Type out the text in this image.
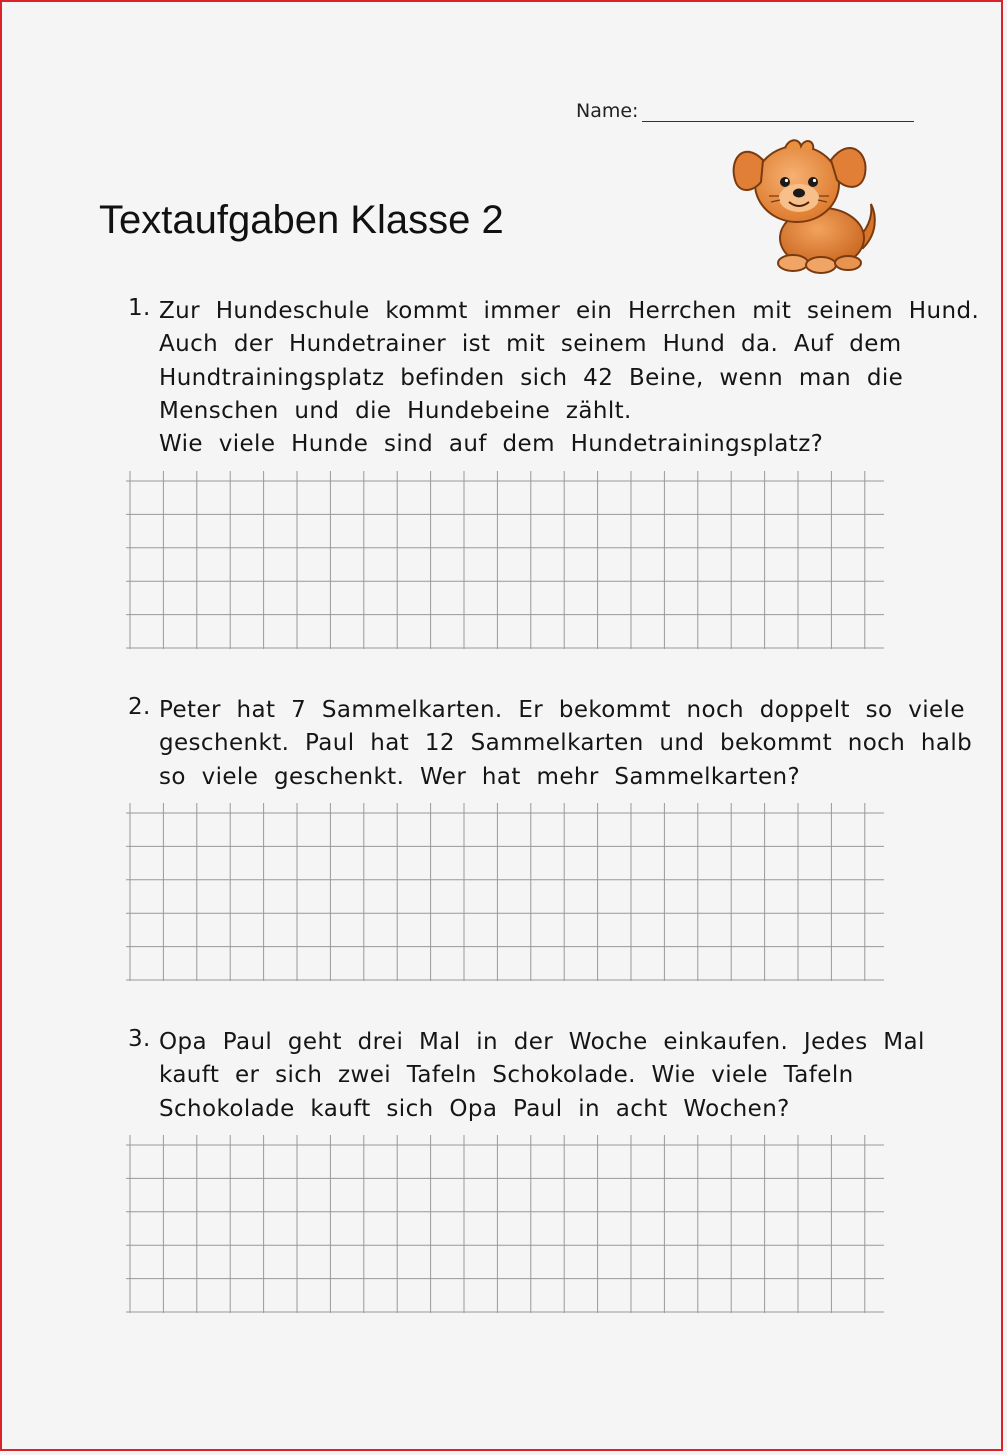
Name:
Textaufgaben Klasse 2
1. Zur Hundeschule kommt immer ein Herrchen mit seinem Hund.
Auch der Hundetrainer ist mit seinem Hund da. Auf dem
Hundtrainingsplatz befinden sich 42 Beine, wenn man die
Menschen und die Hundebeine zählt.
Wie viele Hunde sind auf dem Hundetrainingsplatz?
2. Peter hat 7 Sammelkarten. Er bekommt noch doppelt so viele
geschenkt. Paul hat 12 Sammelkarten und bekommt noch halb
so viele geschenkt. Wer hat mehr Sammelkarten?
3. Opa Paul geht drei Mal in der Woche einkaufen. Jedes Mal
kauft er sich zwei Tafeln Schokolade. Wie viele Tafeln
Schokolade kauft sich Opa Paul in acht Wochen?
